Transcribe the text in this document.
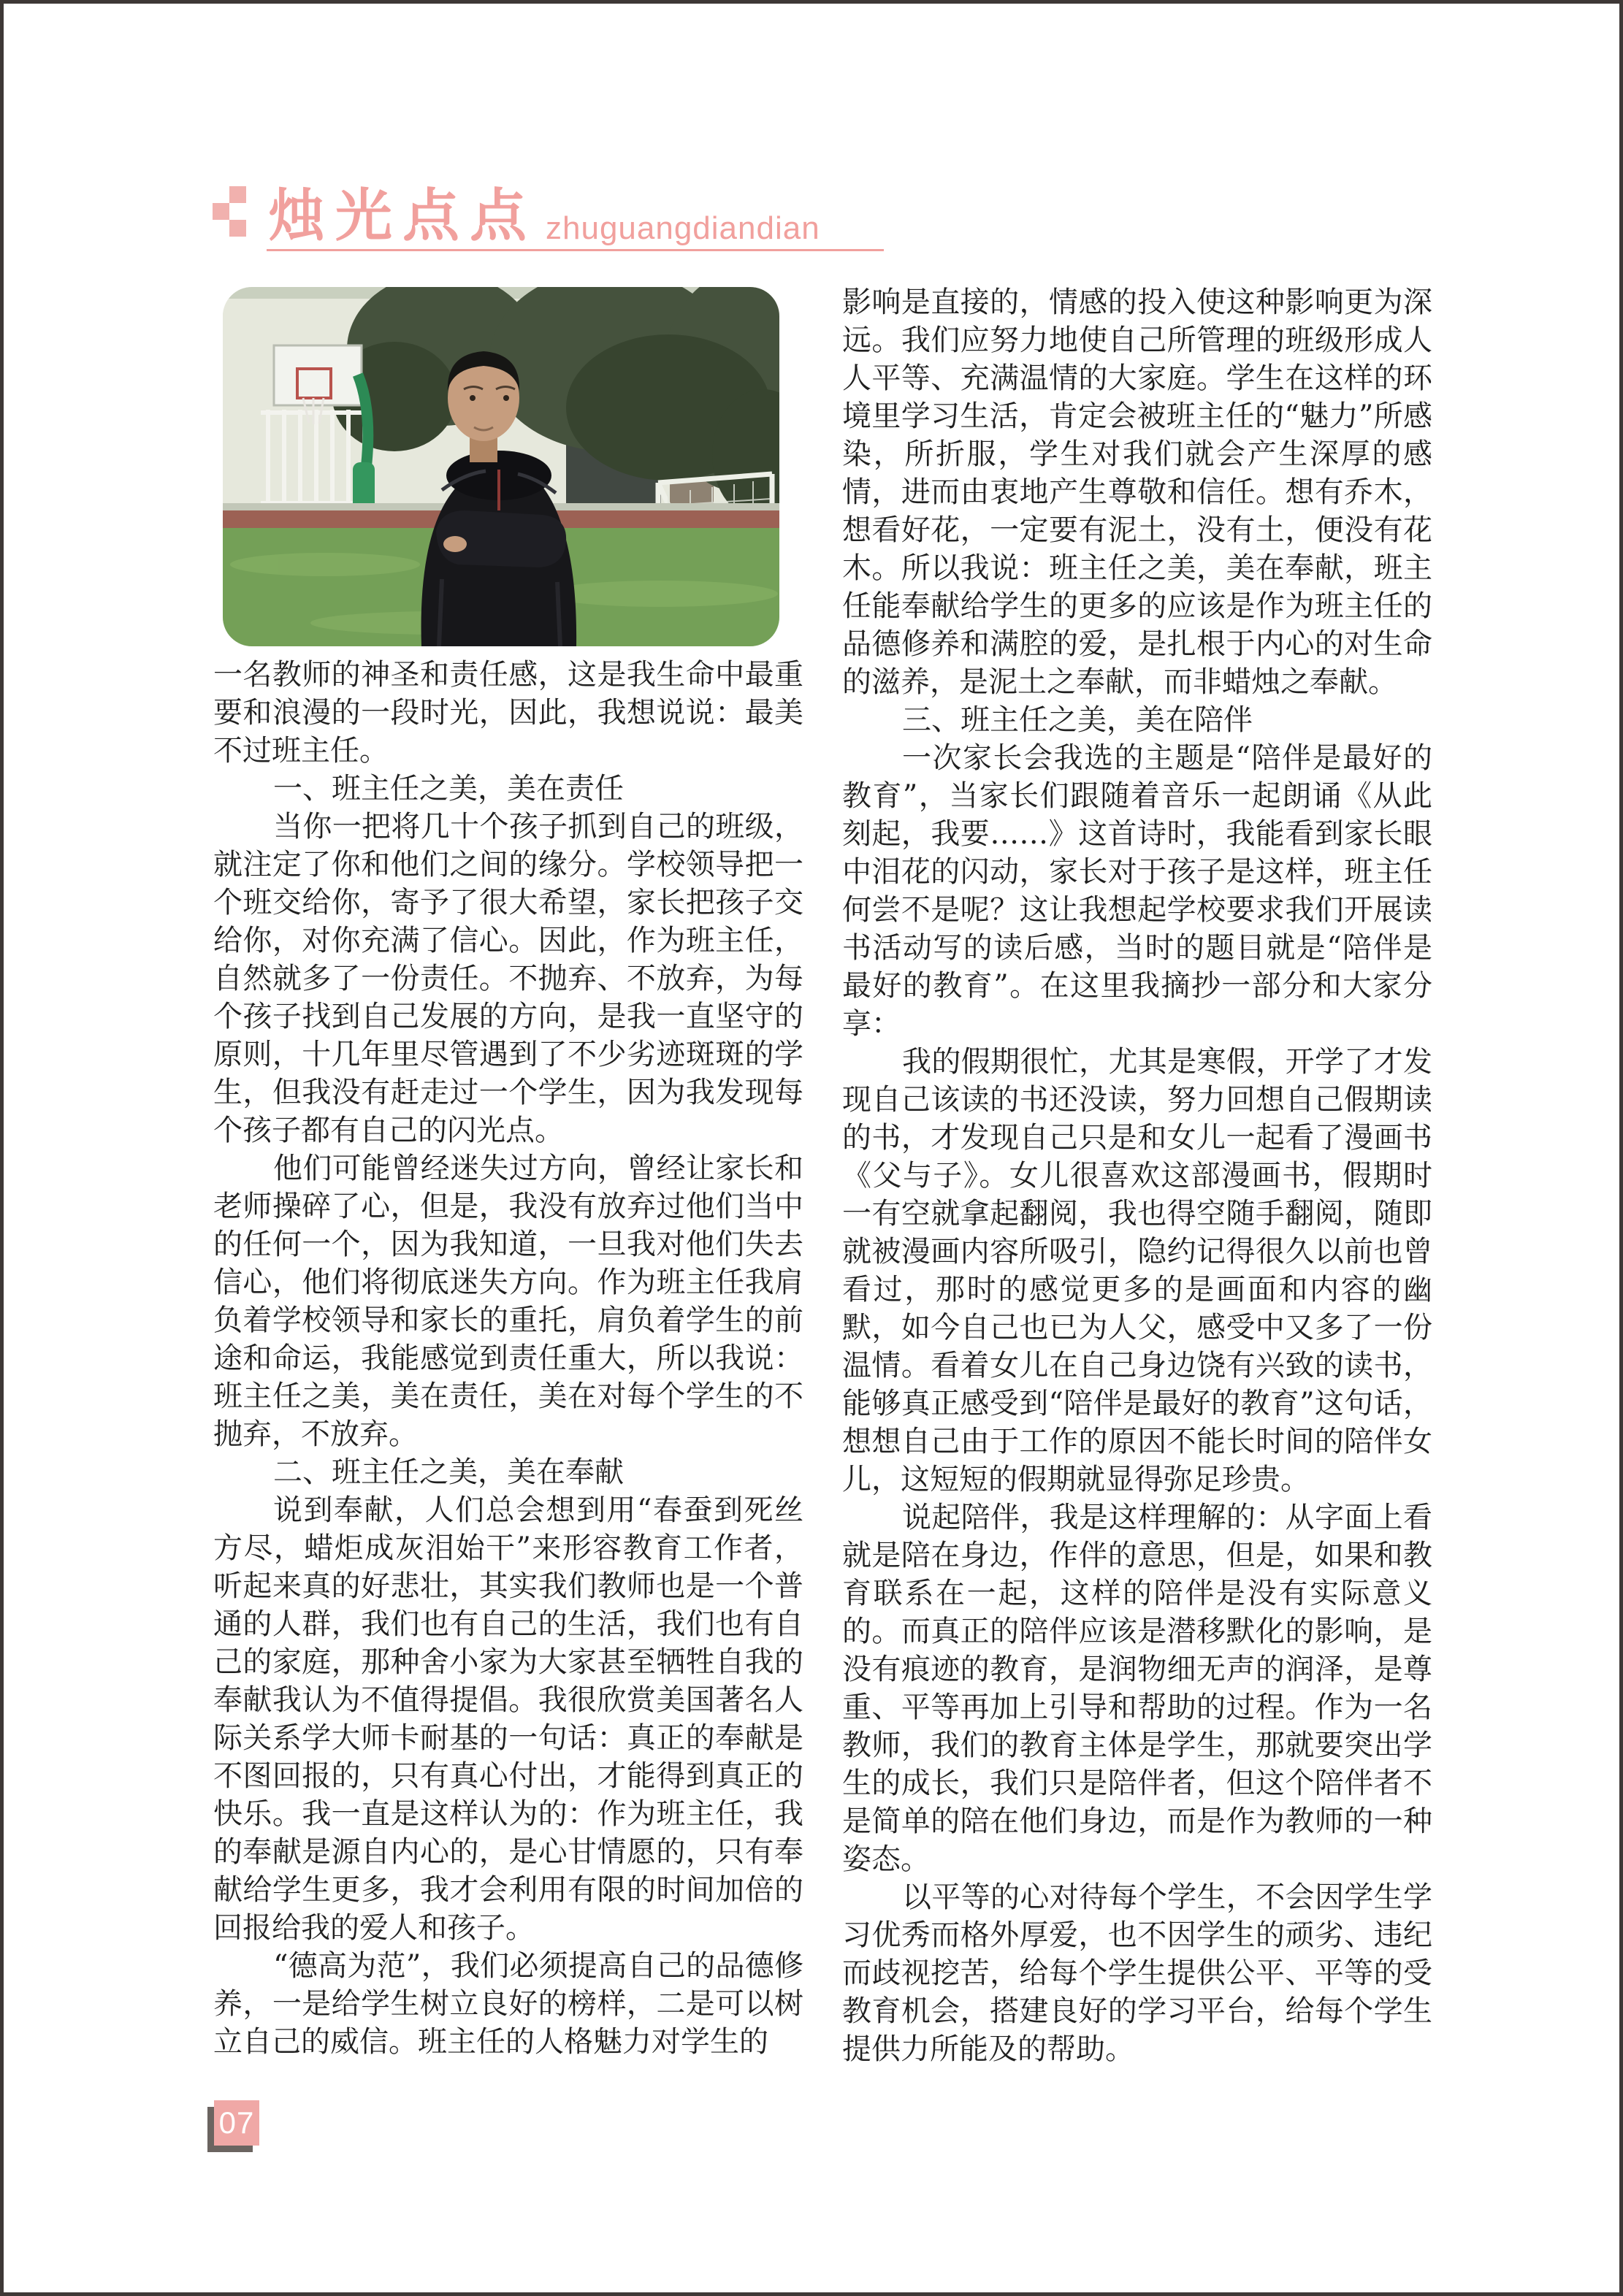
烛光点点 zhuguangdiandian

一名教师的神圣和责任感，这是我生命中最重要和浪漫的一段时光，因此，我想说说：最美不过班主任。

一、班主任之美，美在责任

当你一把将几十个孩子抓到自己的班级，就注定了你和他们之间的缘分。学校领导把一个班交给你，寄予了很大希望，家长把孩子交给你，对你充满了信心。因此，作为班主任，自然就多了一份责任。不抛弃、不放弃，为每个孩子找到自己发展的方向，是我一直坚守的原则，十几年里尽管遇到了不少劣迹斑斑的学生，但我没有赶走过一个学生，因为我发现每个孩子都有自己的闪光点。

他们可能曾经迷失过方向，曾经让家长和老师操碎了心，但是，我没有放弃过他们当中的任何一个，因为我知道，一旦我对他们失去信心，他们将彻底迷失方向。作为班主任我肩负着学校领导和家长的重托，肩负着学生的前途和命运，我能感觉到责任重大，所以我说：班主任之美，美在责任，美在对每个学生的不抛弃，不放弃。

二、班主任之美，美在奉献

说到奉献，人们总会想到用“春蚕到死丝方尽，蜡炬成灰泪始干”来形容教育工作者，听起来真的好悲壮，其实我们教师也是一个普通的人群，我们也有自己的生活，我们也有自己的家庭，那种舍小家为大家甚至牺牲自我的奉献我认为不值得提倡。我很欣赏美国著名人际关系学大师卡耐基的一句话：真正的奉献是不图回报的，只有真心付出，才能得到真正的快乐。我一直是这样认为的：作为班主任，我的奉献是源自内心的，是心甘情愿的，只有奉献给学生更多，我才会利用有限的时间加倍的回报给我的爱人和孩子。

“德高为范”，我们必须提高自己的品德修养，一是给学生树立良好的榜样，二是可以树立自己的威信。班主任的人格魅力对学生的

影响是直接的，情感的投入使这种影响更为深远。我们应努力地使自己所管理的班级形成人人平等、充满温情的大家庭。学生在这样的环境里学习生活，肯定会被班主任的“魅力”所感染，所折服，学生对我们就会产生深厚的感情，进而由衷地产生尊敬和信任。想有乔木，想看好花，一定要有泥土，没有土，便没有花木。所以我说：班主任之美，美在奉献，班主任能奉献给学生的更多的应该是作为班主任的品德修养和满腔的爱，是扎根于内心的对生命的滋养，是泥土之奉献，而非蜡烛之奉献。

三、班主任之美，美在陪伴

一次家长会我选的主题是“陪伴是最好的教育”，当家长们跟随着音乐一起朗诵《从此刻起，我要……》这首诗时，我能看到家长眼中泪花的闪动，家长对于孩子是这样，班主任何尝不是呢？这让我想起学校要求我们开展读书活动写的读后感，当时的题目就是“陪伴是最好的教育”。在这里我摘抄一部分和大家分享：

我的假期很忙，尤其是寒假，开学了才发现自己该读的书还没读，努力回想自己假期读的书，才发现自己只是和女儿一起看了漫画书《父与子》。女儿很喜欢这部漫画书，假期时一有空就拿起翻阅，我也得空随手翻阅，随即就被漫画内容所吸引，隐约记得很久以前也曾看过，那时的感觉更多的是画面和内容的幽默，如今自己也已为人父，感受中又多了一份温情。看着女儿在自己身边饶有兴致的读书，能够真正感受到“陪伴是最好的教育”这句话，想想自己由于工作的原因不能长时间的陪伴女儿，这短短的假期就显得弥足珍贵。

说起陪伴，我是这样理解的：从字面上看就是陪在身边，作伴的意思，但是，如果和教育联系在一起，这样的陪伴是没有实际意义的。而真正的陪伴应该是潜移默化的影响，是没有痕迹的教育，是润物细无声的润泽，是尊重、平等再加上引导和帮助的过程。作为一名教师，我们的教育主体是学生，那就要突出学生的成长，我们只是陪伴者，但这个陪伴者不是简单的陪在他们身边，而是作为教师的一种姿态。

以平等的心对待每个学生，不会因学生学习优秀而格外厚爱，也不因学生的顽劣、违纪而歧视挖苦，给每个学生提供公平、平等的受教育机会，搭建良好的学习平台，给每个学生提供力所能及的帮助。

07
